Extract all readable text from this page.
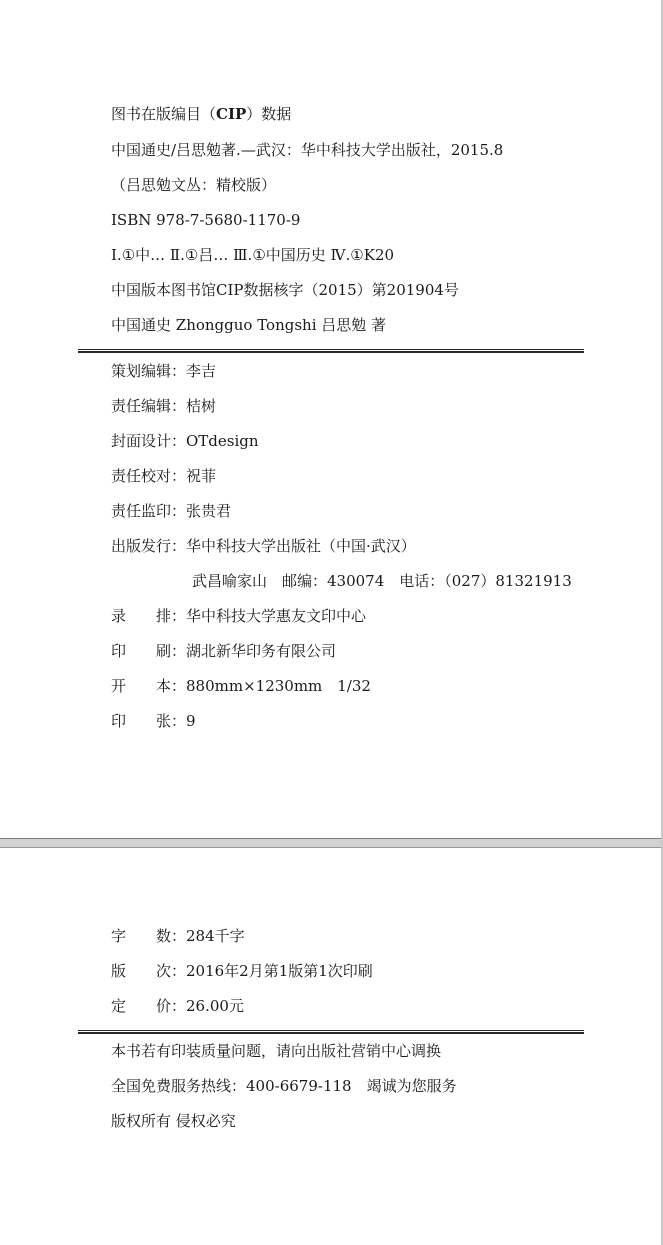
图书在版编目（CIP）数据
中国通史/吕思勉著.—武汉：华中科技大学出版社，2015.8
（吕思勉文丛：精校版）
ISBN 978-7-5680-1170-9
Ⅰ.①中… Ⅱ.①吕… Ⅲ.①中国历史 Ⅳ.①K20
中国版本图书馆CIP数据核字（2015）第201904号
中国通史 Zhongguo Tongshi 吕思勉 著
策划编辑：李吉
责任编辑：桔树
封面设计：OTdesign
责任校对：祝菲
责任监印：张贵君
出版发行：华中科技大学出版社（中国·武汉）
武昌喻家山　邮编：430074　电话：（027）81321913
录　　排：华中科技大学惠友文印中心
印　　刷：湖北新华印务有限公司
开　　本：880mm×1230mm　1/32
印　　张：9
字　　数：284千字
版　　次：2016年2月第1版第1次印刷
定　　价：26.00元
本书若有印装质量问题，请向出版社营销中心调换
全国免费服务热线：400-6679-118　竭诚为您服务
版权所有 侵权必究
